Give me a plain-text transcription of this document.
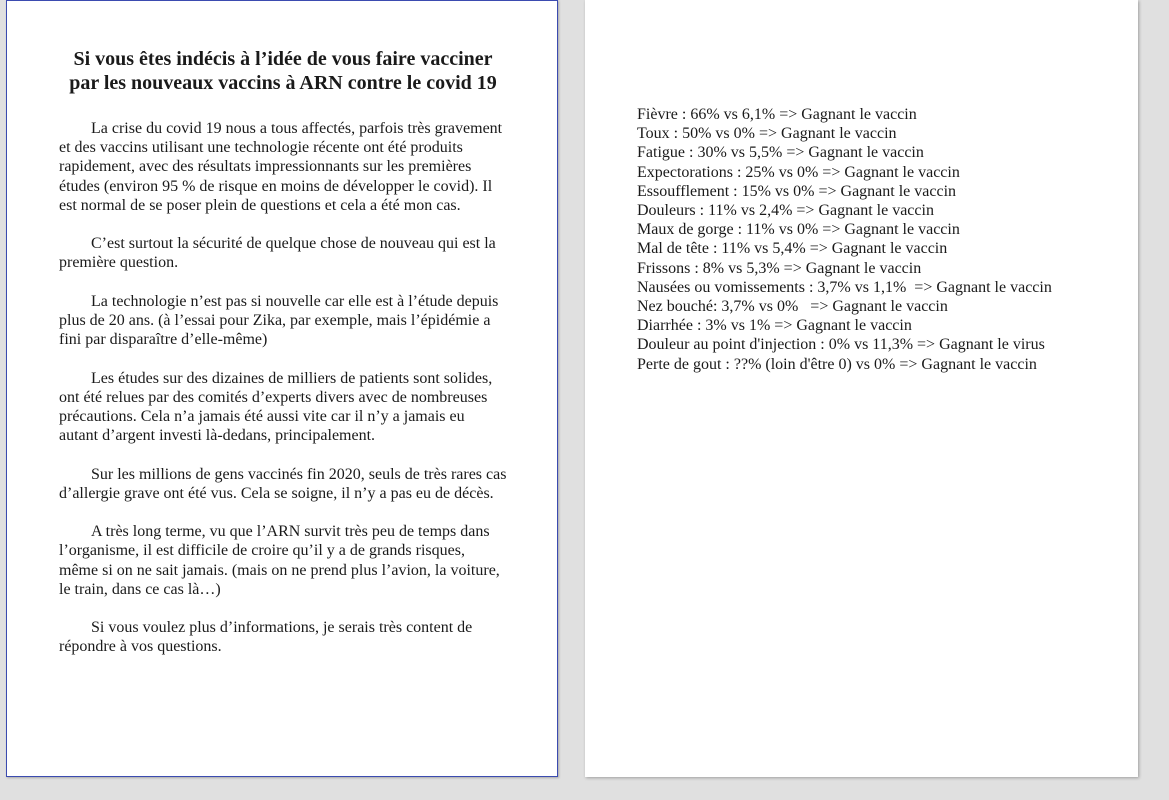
Si vous êtes indécis à l’idée de vous faire vacciner
par les nouveaux vaccins à ARN contre le covid 19

La crise du covid 19 nous a tous affectés, parfois très gravement et des vaccins utilisant une technologie récente ont été produits rapidement, avec des résultats impressionnants sur les premières études (environ 95 % de risque en moins de développer le covid). Il est normal de se poser plein de questions et cela a été mon cas.

C’est surtout la sécurité de quelque chose de nouveau qui est la première question.

La technologie n’est pas si nouvelle car elle est à l’étude depuis plus de 20 ans. (à l’essai pour Zika, par exemple, mais l’épidémie a fini par disparaître d’elle-même)

Les études sur des dizaines de milliers de patients sont solides, ont été relues par des comités d’experts divers avec de nombreuses précautions. Cela n’a jamais été aussi vite car il n’y a jamais eu autant d’argent investi là-dedans, principalement.

Sur les millions de gens vaccinés fin 2020, seuls de très rares cas d’allergie grave ont été vus. Cela se soigne, il n’y a pas eu de décès.

A très long terme, vu que l’ARN survit très peu de temps dans l’organisme, il est difficile de croire qu’il y a de grands risques, même si on ne sait jamais. (mais on ne prend plus l’avion, la voiture, le train, dans ce cas là…)

Si vous voulez plus d’informations, je serais très content de répondre à vos questions.

Fièvre : 66% vs 6,1% => Gagnant le vaccin
Toux : 50% vs 0% => Gagnant le vaccin
Fatigue : 30% vs 5,5% => Gagnant le vaccin
Expectorations : 25% vs 0% => Gagnant le vaccin
Essoufflement : 15% vs 0% => Gagnant le vaccin
Douleurs : 11% vs 2,4% => Gagnant le vaccin
Maux de gorge : 11% vs 0% => Gagnant le vaccin
Mal de tête : 11% vs 5,4% => Gagnant le vaccin
Frissons : 8% vs 5,3% => Gagnant le vaccin
Nausées ou vomissements : 3,7% vs 1,1%  => Gagnant le vaccin
Nez bouché: 3,7% vs 0%   => Gagnant le vaccin
Diarrhée : 3% vs 1% => Gagnant le vaccin
Douleur au point d'injection : 0% vs 11,3% => Gagnant le virus
Perte de gout : ??% (loin d'être 0) vs 0% => Gagnant le vaccin
